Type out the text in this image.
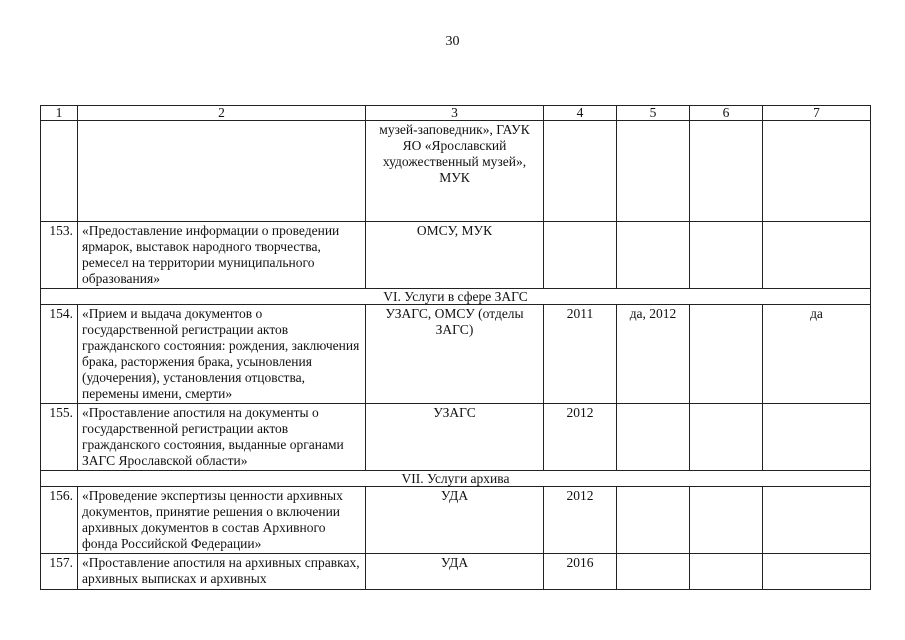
30
1	2	3	4	5	6	7

		музей-заповедник», ГАУК ЯО «Ярославский художественный музей», МУК				

153.	«Предоставление информации о проведении ярмарок, выставок народного творчества, ремесел на территории муниципального образования»	ОМСУ, МУК				

VI. Услуги в сфере ЗАГС						

154.	«Прием и выдача документов о государственной регистрации актов гражданского состояния: рождения, заключения брака, расторжения брака, усыновления (удочерения), установления отцовства, перемены имени, смерти»	УЗАГС, ОМСУ (отделы ЗАГС)	2011	да, 2012		да

155.	«Проставление апостиля на документы о государственной регистрации актов гражданского состояния, выданные органами ЗАГС Ярославской области»	УЗАГС	2012			

VII. Услуги архива						

156.	«Проведение экспертизы ценности архивных документов, принятие решения о включении архивных документов в состав Архивного фонда Российской Федерации»	УДА	2012			

157.	«Проставление апостиля на архивных справках, архивных выписках и архивных	УДА	2016			
